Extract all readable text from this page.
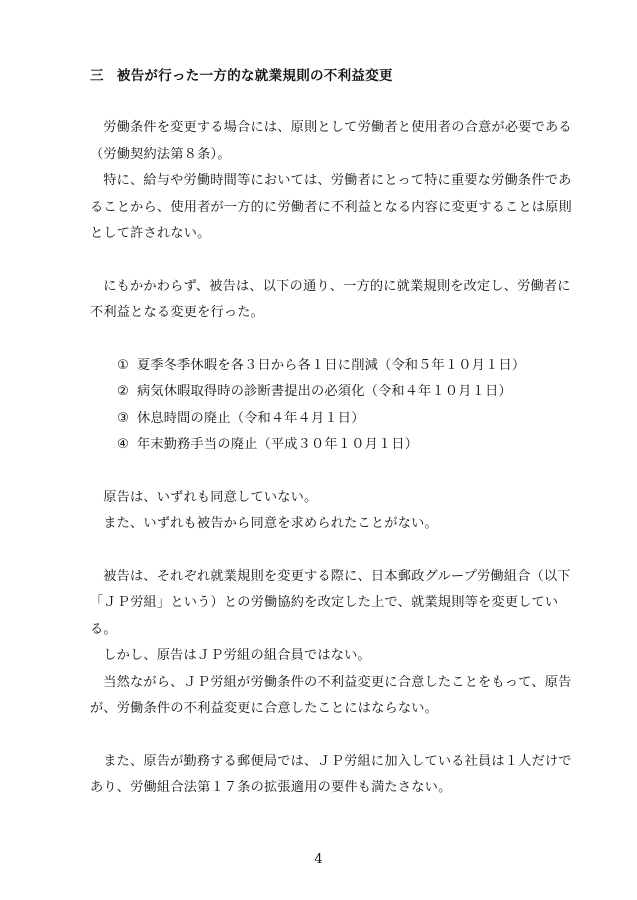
三 被告が行った一方的な就業規則の不利益変更

労働条件を変更する場合には、原則として労働者と使用者の合意が必要である（労働契約法第８条）。

特に、給与や労働時間等においては、労働者にとって特に重要な労働条件であることから、使用者が一方的に労働者に不利益となる内容に変更することは原則として許されない。

にもかかわらず、被告は、以下の通り、一方的に就業規則を改定し、労働者に不利益となる変更を行った。

① 夏季冬季休暇を各３日から各１日に削減（令和５年１０月１日）
② 病気休暇取得時の診断書提出の必須化（令和４年１０月１日）
③ 休息時間の廃止（令和４年４月１日）
④ 年末勤務手当の廃止（平成３０年１０月１日）

原告は、いずれも同意していない。

また、いずれも被告から同意を求められたことがない。

被告は、それぞれ就業規則を変更する際に、日本郵政グループ労働組合（以下「ＪＰ労組」という）との労働協約を改定した上で、就業規則等を変更している。

しかし、原告はＪＰ労組の組合員ではない。

当然ながら、ＪＰ労組が労働条件の不利益変更に合意したことをもって、原告が、労働条件の不利益変更に合意したことにはならない。

また、原告が勤務する郵便局では、ＪＰ労組に加入している社員は１人だけであり、労働組合法第１７条の拡張適用の要件も満たさない。

4
